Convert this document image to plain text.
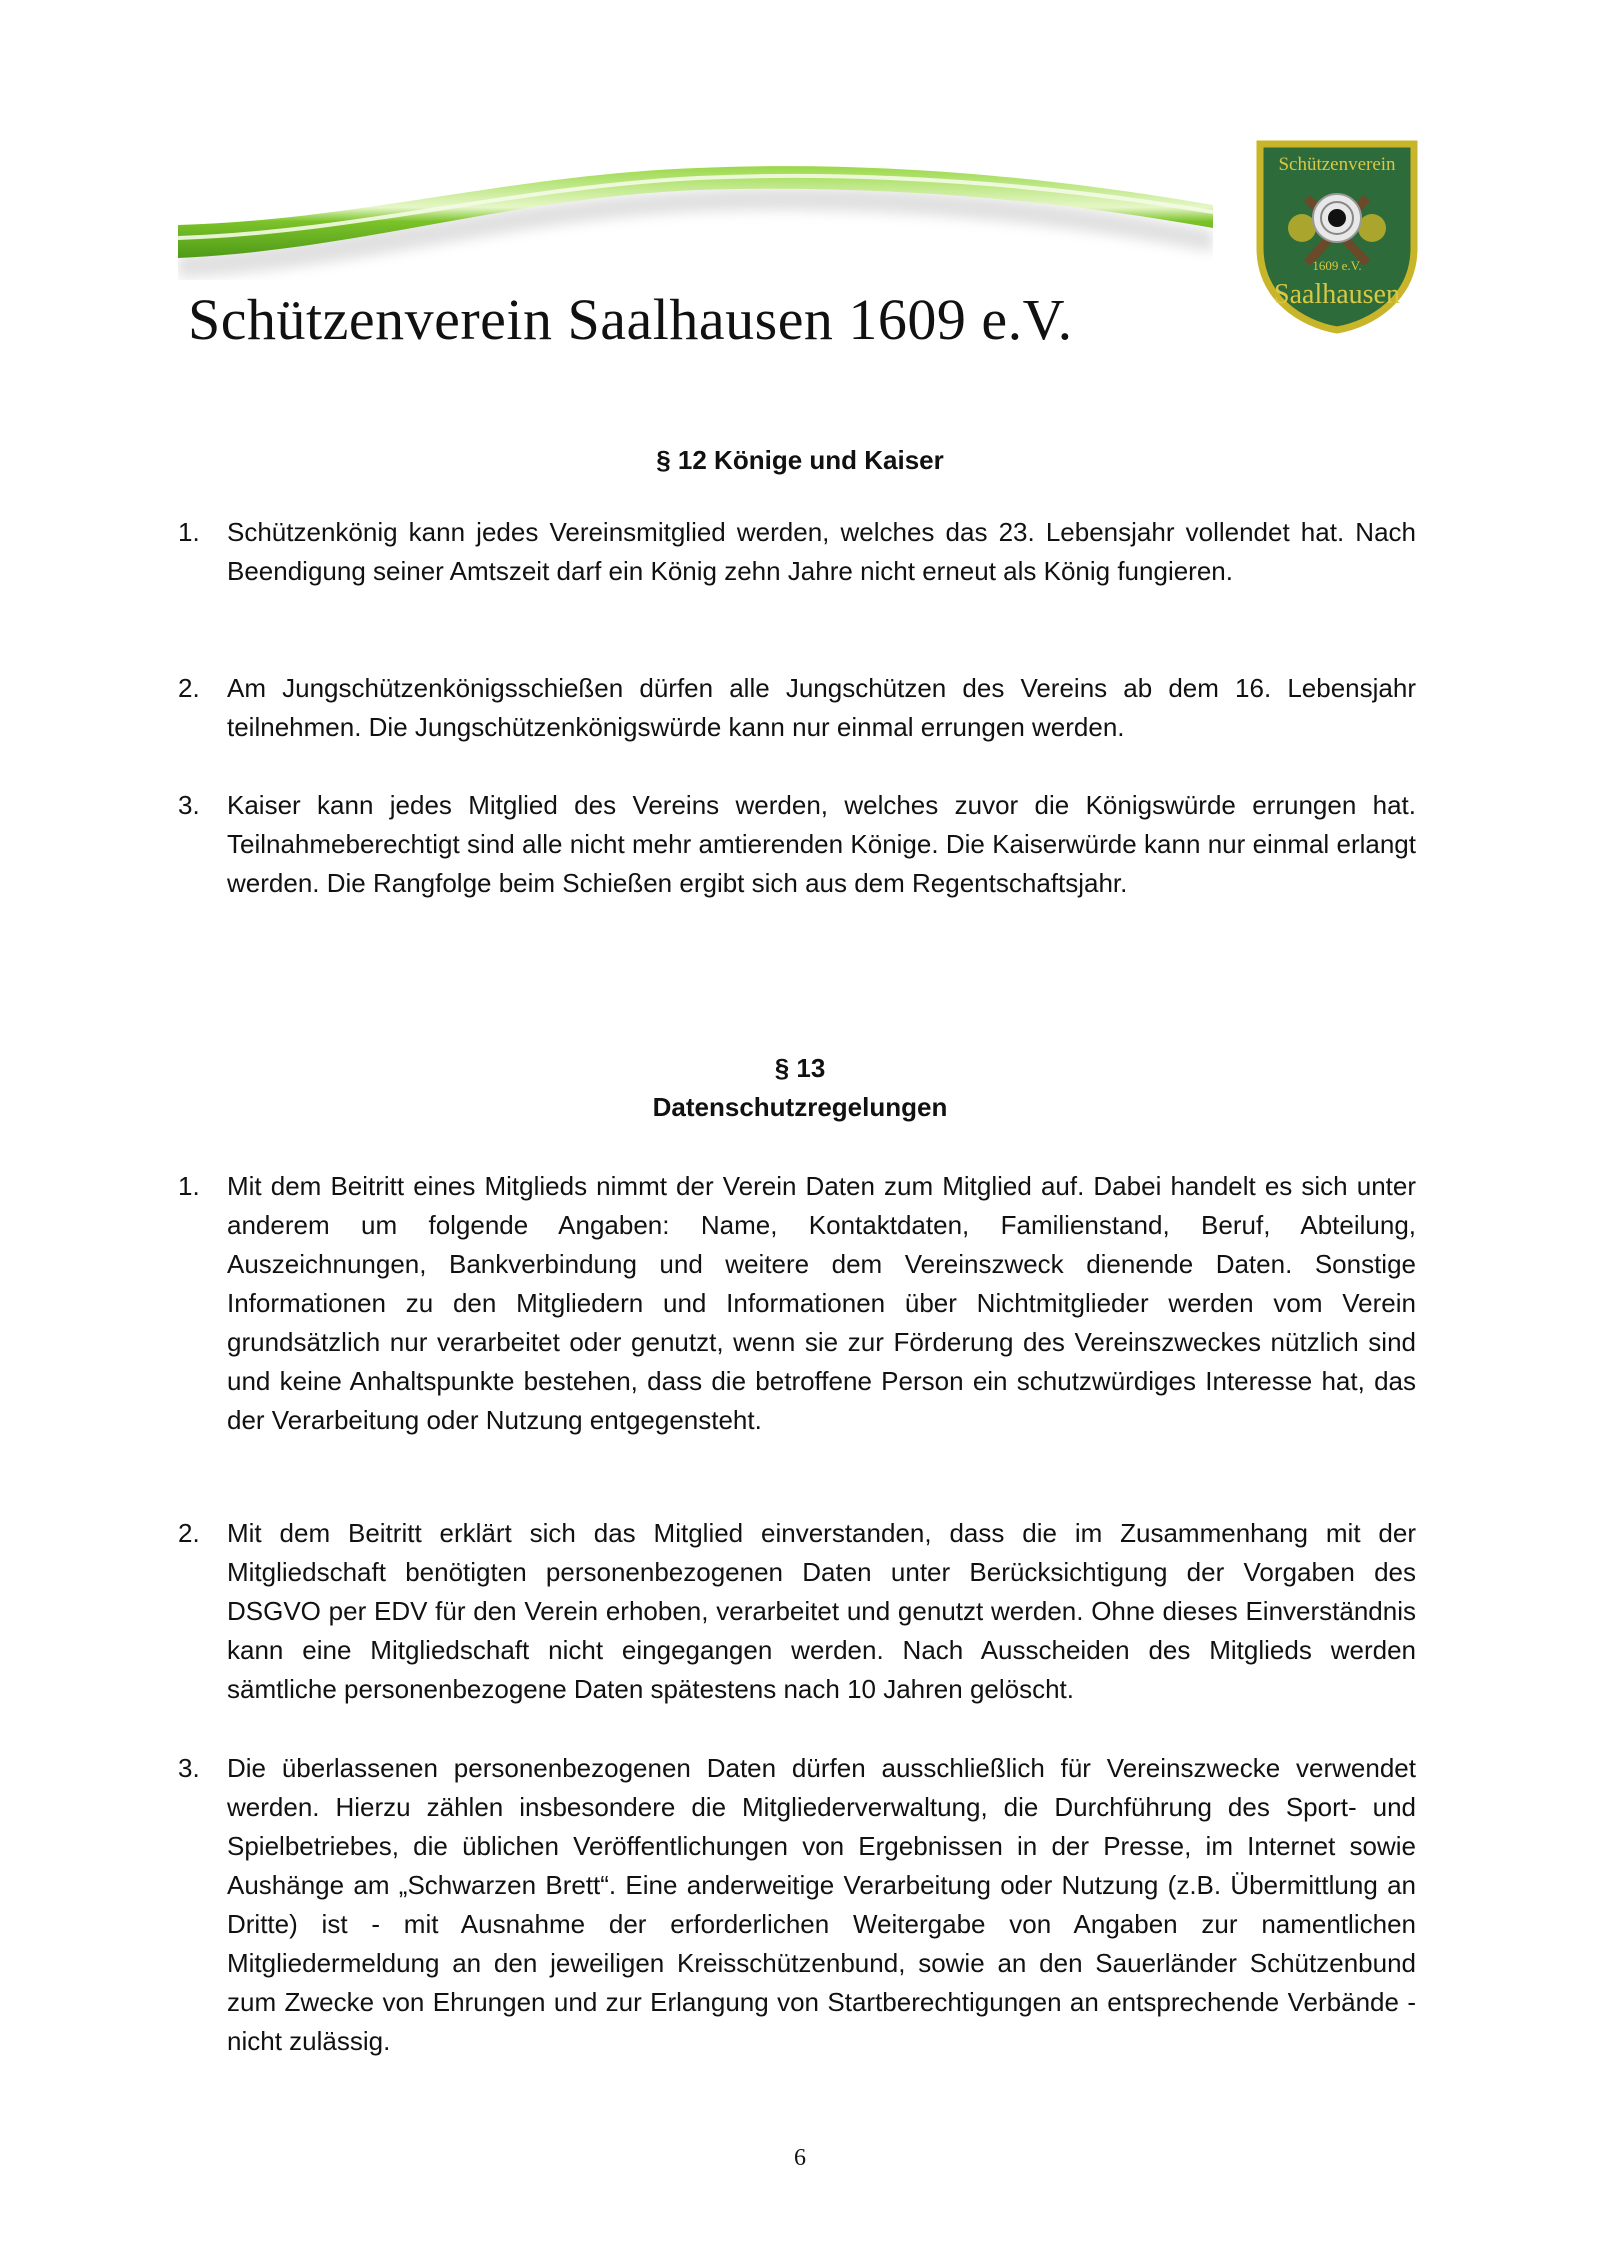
Schützenverein Saalhausen 1609 e.V.
Schützenverein
1609 e.V.
Saalhausen
§ 12 Könige und Kaiser
1. Schützenkönig kann jedes Vereinsmitglied werden, welches das 23. Lebensjahr vollendet hat. Nach Beendigung seiner Amtszeit darf ein König zehn Jahre nicht erneut als König fungieren.
2. Am Jungschützenkönigsschießen dürfen alle Jungschützen des Vereins ab dem 16. Lebensjahr teilnehmen. Die Jungschützenkönigswürde kann nur einmal errungen werden.
3. Kaiser kann jedes Mitglied des Vereins werden, welches zuvor die Königswürde errungen hat. Teilnahmeberechtigt sind alle nicht mehr amtierenden Könige. Die Kaiserwürde kann nur einmal erlangt werden. Die Rangfolge beim Schießen ergibt sich aus dem Regentschaftsjahr.
§ 13
Datenschutzregelungen
1. Mit dem Beitritt eines Mitglieds nimmt der Verein Daten zum Mitglied auf. Dabei handelt es sich unter anderem um folgende Angaben: Name, Kontaktdaten, Familienstand, Beruf, Abteilung, Auszeichnungen, Bankverbindung und weitere dem Vereinszweck dienende Daten. Sonstige Informationen zu den Mitgliedern und Informationen über Nichtmitglieder werden vom Verein grundsätzlich nur verarbeitet oder genutzt, wenn sie zur Förderung des Vereinszweckes nützlich sind und keine Anhaltspunkte bestehen, dass die betroffene Person ein schutzwürdiges Interesse hat, das der Verarbeitung oder Nutzung entgegensteht.
2. Mit dem Beitritt erklärt sich das Mitglied einverstanden, dass die im Zusammenhang mit der Mitgliedschaft benötigten personenbezogenen Daten unter Berücksichtigung der Vorgaben des DSGVO per EDV für den Verein erhoben, verarbeitet und genutzt werden. Ohne dieses Einverständnis kann eine Mitgliedschaft nicht eingegangen werden. Nach Ausscheiden des Mitglieds werden sämtliche personenbezogene Daten spätestens nach 10 Jahren gelöscht.
3. Die überlassenen personenbezogenen Daten dürfen ausschließlich für Vereinszwecke verwendet werden. Hierzu zählen insbesondere die Mitgliederverwaltung, die Durchführung des Sport- und Spielbetriebes, die üblichen Veröffentlichungen von Ergebnissen in der Presse, im Internet sowie Aushänge am „Schwarzen Brett“. Eine anderweitige Verarbeitung oder Nutzung (z.B. Übermittlung an Dritte) ist - mit Ausnahme der erforderlichen Weitergabe von Angaben zur namentlichen Mitgliedermeldung an den jeweiligen Kreisschützenbund, sowie an den Sauerländer Schützenbund zum Zwecke von Ehrungen und zur Erlangung von Startberechtigungen an entsprechende Verbände - nicht zulässig.
6
